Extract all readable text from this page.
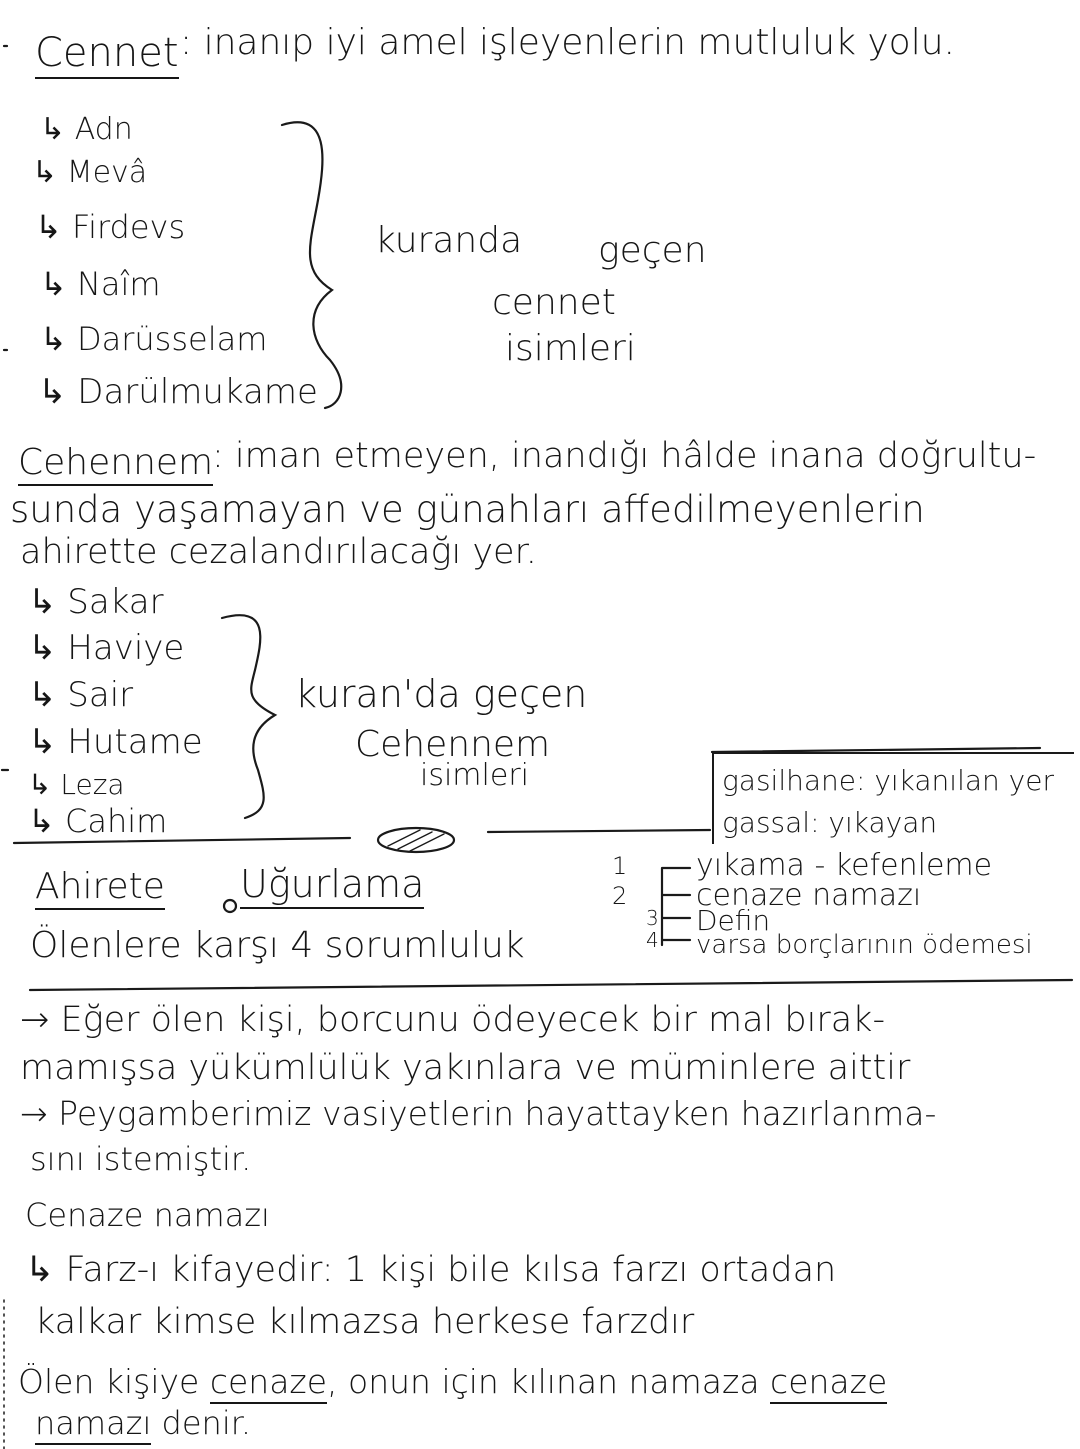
Cennet : inanıp iyi amel işleyenlerin mutluluk yolu.
↳ Adn
↳ Mevâ
↳ Firdevs
↳ Naîm
↳ Darüsselam
↳ Darülmukame
kuranda geçen
cennet
isimleri
Cehennem
: iman etmeyen, inandığı hâlde inana doğrultu-
sunda yaşamayan ve günahları affedilmeyenlerin
ahirette cezalandırılacağı yer.
↳ Sakar
↳ Haviye
↳ Sair
↳ Hutame
↳ Leza
↳ Cahim
kuran'da geçen
Cehennem
isimleri	gasilhane: yıkanılan yer
gassal: yıkayan
Ahirete Uğurlama
Ölenlere karşı 4 sorumluluk
1
2
3
4
yıkama - kefenleme
cenaze namazı
Defin
varsa borçlarının ödemesi
→ Eğer ölen kişi, borcunu ödeyecek bir mal bırak-
mamışsa yükümlülük yakınlara ve müminlere aittir
→ Peygamberimiz vasiyetlerin hayattayken hazırlanma-
sını istemiştir.
Cenaze namazı
↳ Farz-ı kifayedir: 1 kişi bile kılsa farzı ortadan
kalkar kimse kılmazsa herkese farzdır
Ölen kişiye cenaze, onun için kılınan namaza cenaze
namazı denir.
